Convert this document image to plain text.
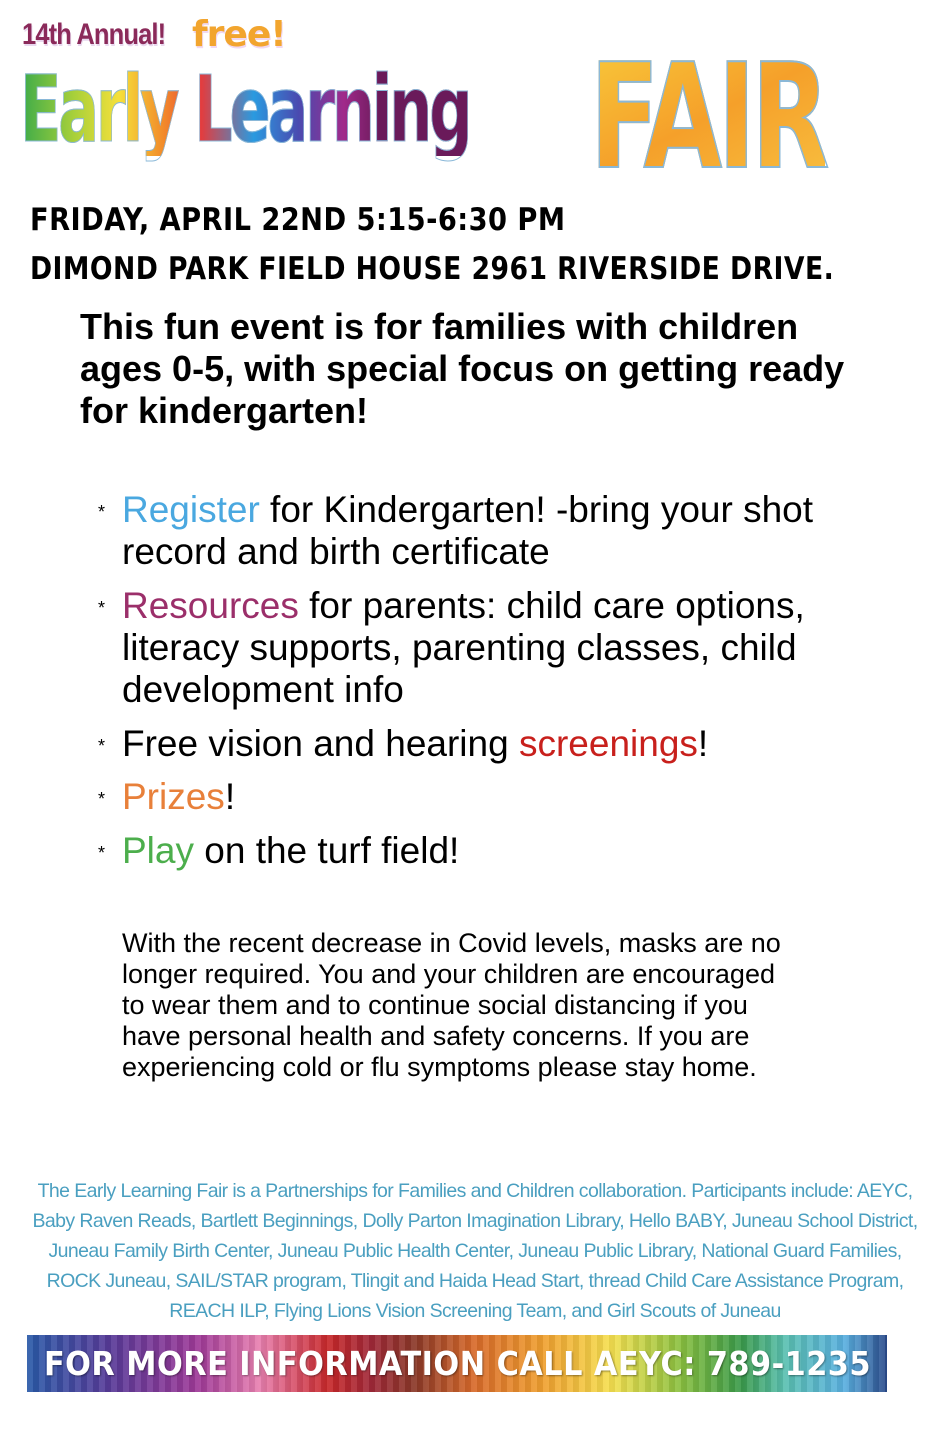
14th Annual! free!
Early Learning FAIR
FRIDAY, APRIL 22ND 5:15-6:30 PM
DIMOND PARK FIELD HOUSE 2961 RIVERSIDE DRIVE.
This fun event is for families with children ages 0-5, with special focus on getting ready for kindergarten!
* Register for Kindergarten! -bring your shot record and birth certificate
* Resources for parents: child care options, literacy supports, parenting classes, child development info
* Free vision and hearing screenings!
* Prizes!
* Play on the turf field!
With the recent decrease in Covid levels, masks are no longer required. You and your children are encouraged to wear them and to continue social distancing if you have personal health and safety concerns. If you are experiencing cold or flu symptoms please stay home.
The Early Learning Fair is a Partnerships for Families and Children collaboration. Participants include: AEYC, Baby Raven Reads, Bartlett Beginnings, Dolly Parton Imagination Library, Hello BABY, Juneau School District, Juneau Family Birth Center, Juneau Public Health Center, Juneau Public Library, National Guard Families, ROCK Juneau, SAIL/STAR program, Tlingit and Haida Head Start, thread Child Care Assistance Program, REACH ILP, Flying Lions Vision Screening Team, and Girl Scouts of Juneau
FOR MORE INFORMATION CALL AEYC: 789-1235
